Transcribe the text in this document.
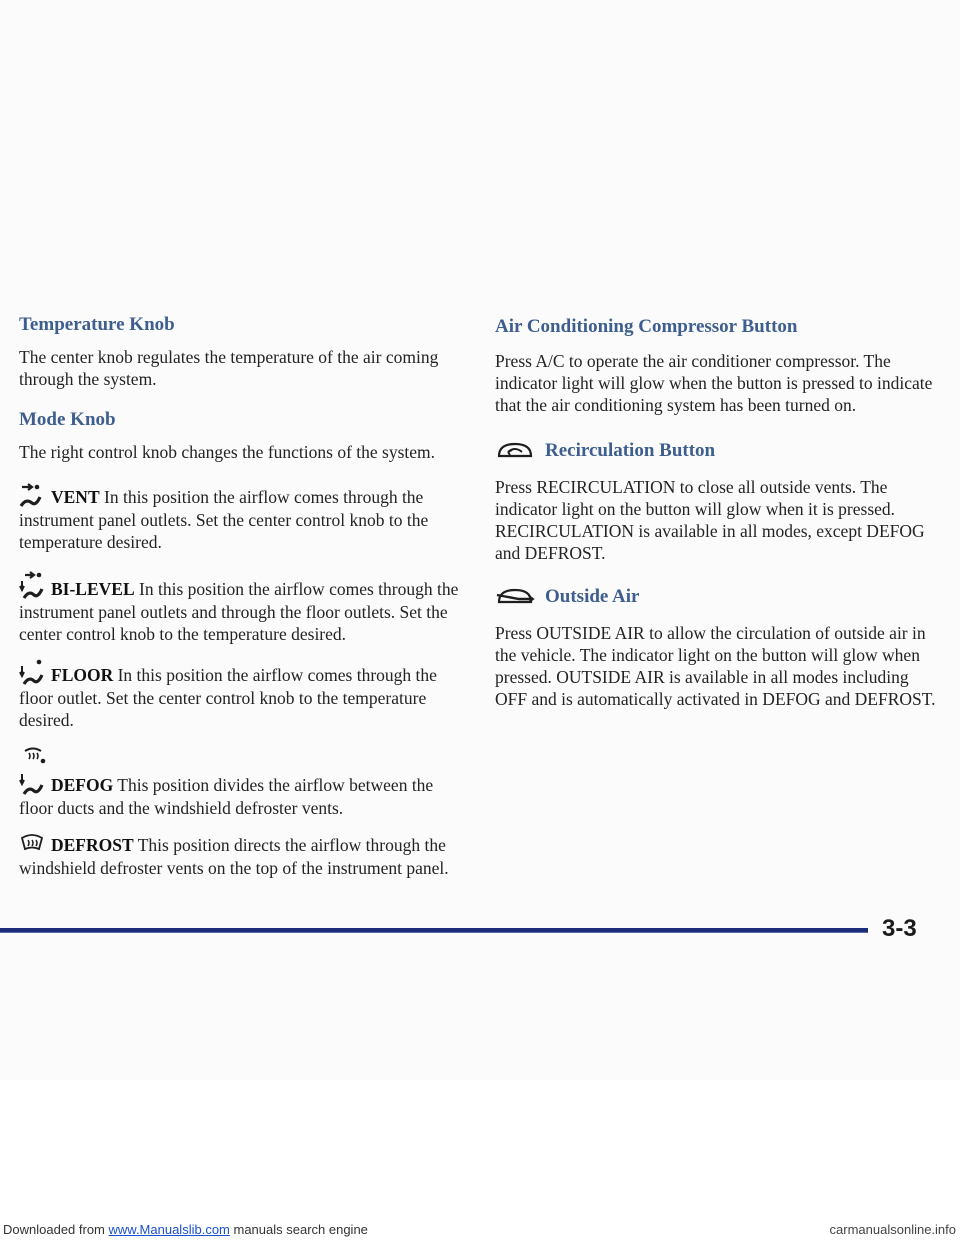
Temperature Knob

The center knob regulates the temperature of the air coming through the system.

Mode Knob

The right control knob changes the functions of the system.

VENT In this position the airflow comes through the instrument panel outlets. Set the center control knob to the temperature desired.

BI-LEVEL In this position the airflow comes through the instrument panel outlets and through the floor outlets. Set the center control knob to the temperature desired.

FLOOR In this position the airflow comes through the floor outlet. Set the center control knob to the temperature desired.

DEFOG This position divides the airflow between the floor ducts and the windshield defroster vents.

DEFROST This position directs the airflow through the windshield defroster vents on the top of the instrument panel.

Air Conditioning Compressor Button

Press A/C to operate the air conditioner compressor. The indicator light will glow when the button is pressed to indicate that the air conditioning system has been turned on.

Recirculation Button

Press RECIRCULATION to close all outside vents. The indicator light on the button will glow when it is pressed. RECIRCULATION is available in all modes, except DEFOG and DEFROST.

Outside Air

Press OUTSIDE AIR to allow the circulation of outside air in the vehicle. The indicator light on the button will glow when pressed. OUTSIDE AIR is available in all modes including OFF and is automatically activated in DEFOG and DEFROST.

3-3
Downloaded from www.Manualslib.com manuals search engine	carmanualsonline.info
